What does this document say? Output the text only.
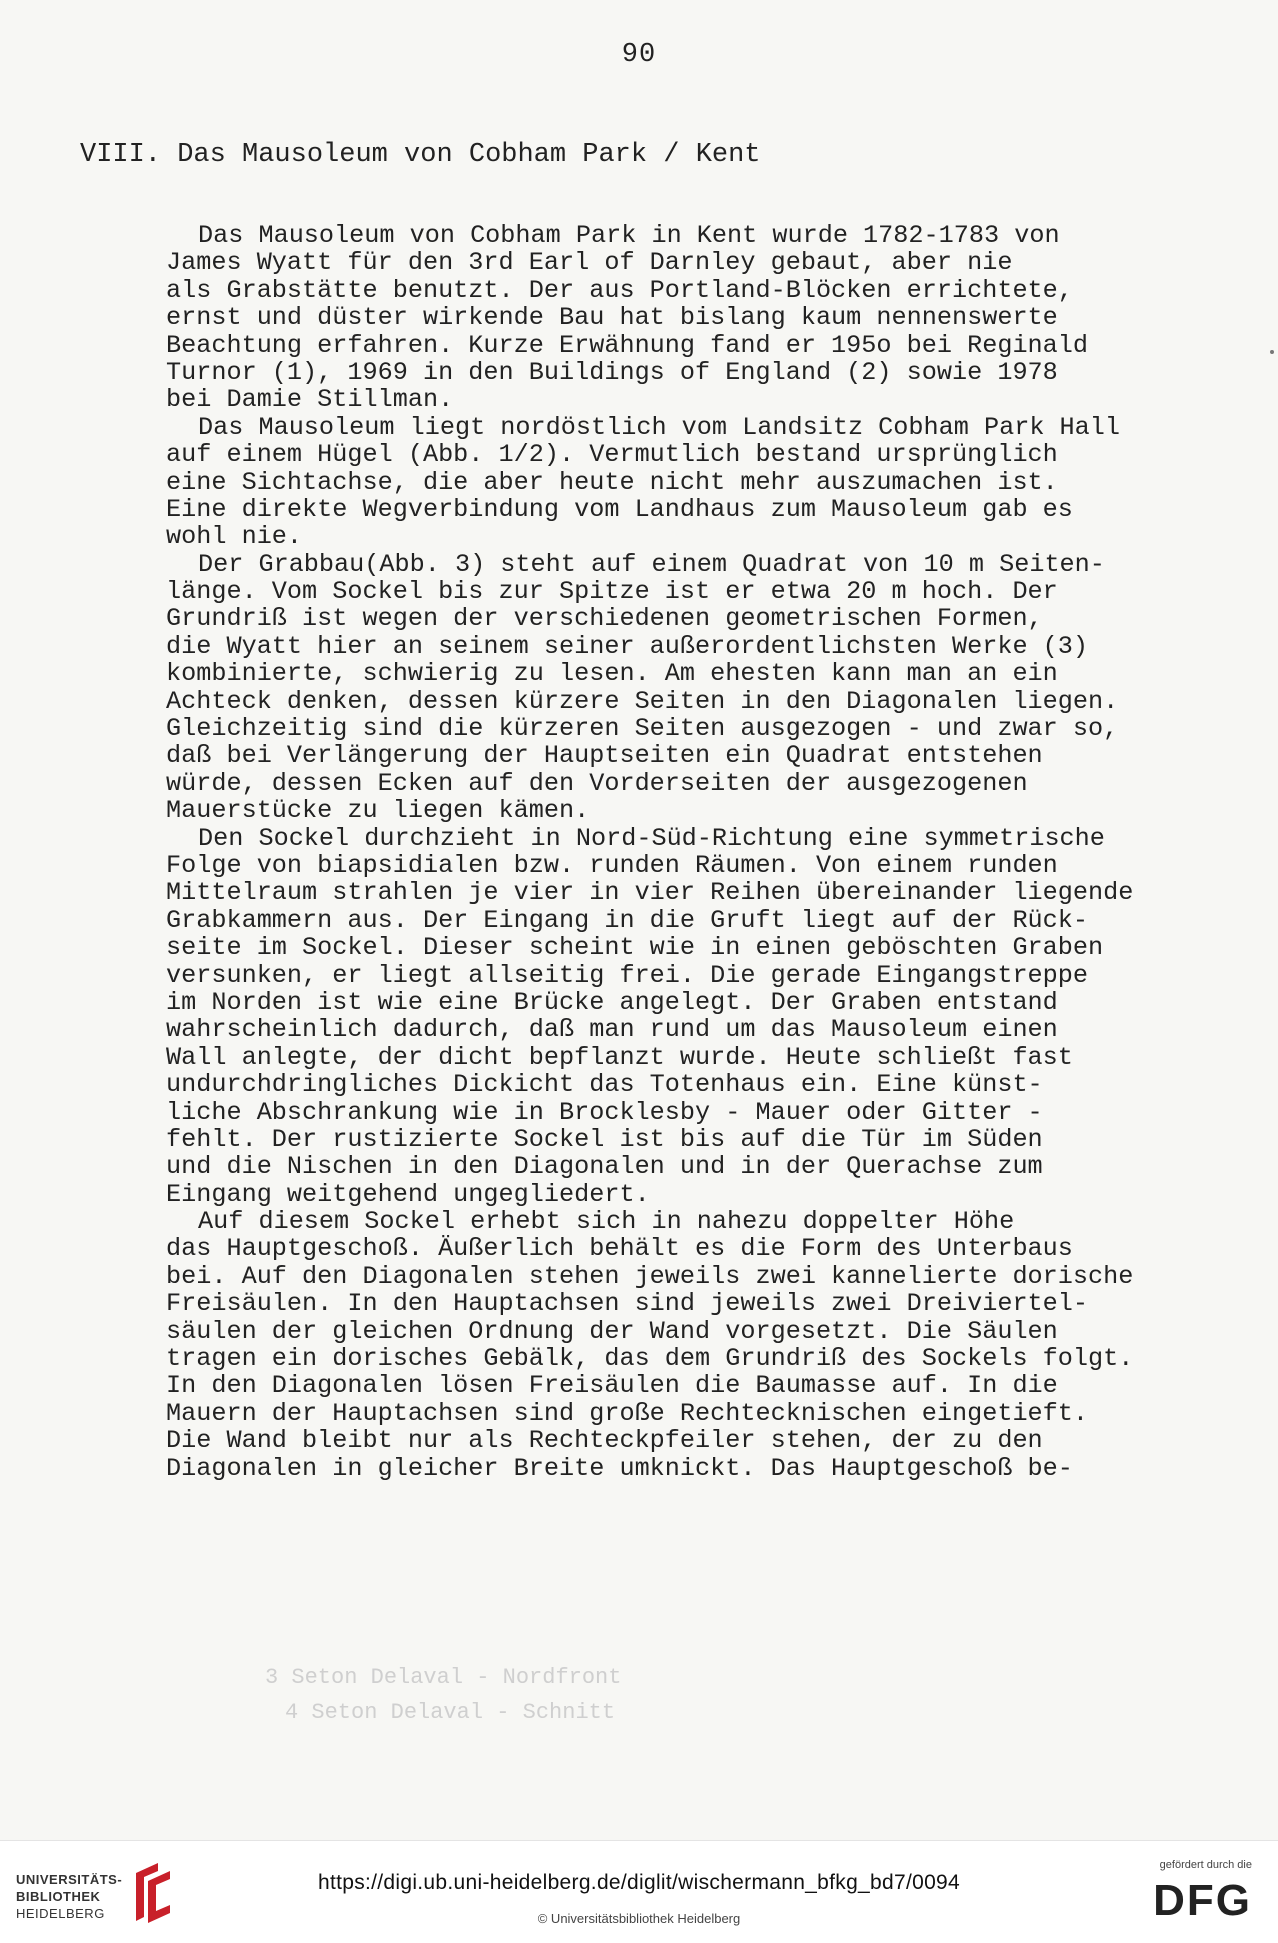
90
VIII. Das Mausoleum von Cobham Park / Kent
Das Mausoleum von Cobham Park in Kent wurde 1782-1783 von
James Wyatt für den 3rd Earl of Darnley gebaut, aber nie
als Grabstätte benutzt. Der aus Portland-Blöcken errichtete,
ernst und düster wirkende Bau hat bislang kaum nennenswerte
Beachtung erfahren. Kurze Erwähnung fand er 195o bei Reginald
Turnor (1), 1969 in den Buildings of England (2) sowie 1978
bei Damie Stillman.
Das Mausoleum liegt nordöstlich vom Landsitz Cobham Park Hall
auf einem Hügel (Abb. 1/2). Vermutlich bestand ursprünglich
eine Sichtachse, die aber heute nicht mehr auszumachen ist.
Eine direkte Wegverbindung vom Landhaus zum Mausoleum gab es
wohl nie.
Der Grabbau(Abb. 3) steht auf einem Quadrat von 10 m Seiten-
länge. Vom Sockel bis zur Spitze ist er etwa 20 m hoch. Der
Grundriß ist wegen der verschiedenen geometrischen Formen,
die Wyatt hier an seinem seiner außerordentlichsten Werke (3)
kombinierte, schwierig zu lesen. Am ehesten kann man an ein
Achteck denken, dessen kürzere Seiten in den Diagonalen liegen.
Gleichzeitig sind die kürzeren Seiten ausgezogen - und zwar so,
daß bei Verlängerung der Hauptseiten ein Quadrat entstehen
würde, dessen Ecken auf den Vorderseiten der ausgezogenen
Mauerstücke zu liegen kämen.
Den Sockel durchzieht in Nord-Süd-Richtung eine symmetrische
Folge von biapsidialen bzw. runden Räumen. Von einem runden
Mittelraum strahlen je vier in vier Reihen übereinander liegende
Grabkammern aus. Der Eingang in die Gruft liegt auf der Rück-
seite im Sockel. Dieser scheint wie in einen geböschten Graben
versunken, er liegt allseitig frei. Die gerade Eingangstreppe
im Norden ist wie eine Brücke angelegt. Der Graben entstand
wahrscheinlich dadurch, daß man rund um das Mausoleum einen
Wall anlegte, der dicht bepflanzt wurde. Heute schließt fast
undurchdringliches Dickicht das Totenhaus ein. Eine künst-
liche Abschrankung wie in Brocklesby - Mauer oder Gitter -
fehlt. Der rustizierte Sockel ist bis auf die Tür im Süden
und die Nischen in den Diagonalen und in der Querachse zum
Eingang weitgehend ungegliedert.
Auf diesem Sockel erhebt sich in nahezu doppelter Höhe
das Hauptgeschoß. Äußerlich behält es die Form des Unterbaus
bei. Auf den Diagonalen stehen jeweils zwei kannelierte dorische
Freisäulen. In den Hauptachsen sind jeweils zwei Dreiviertel-
säulen der gleichen Ordnung der Wand vorgesetzt. Die Säulen
tragen ein dorisches Gebälk, das dem Grundriß des Sockels folgt.
In den Diagonalen lösen Freisäulen die Baumasse auf. In die
Mauern der Hauptachsen sind große Rechtecknischen eingetieft.
Die Wand bleibt nur als Rechteckpfeiler stehen, der zu den
Diagonalen in gleicher Breite umknickt. Das Hauptgeschoß be-
3 Seton Delaval - Nordfront
4 Seton Delaval - Schnitt
UNIVERSITÄTS-
BIBLIOTHEK
HEIDELBERG
https://digi.ub.uni-heidelberg.de/diglit/wischermann_bfkg_bd7/0094
© Universitätsbibliothek Heidelberg
gefördert durch die
DFG
